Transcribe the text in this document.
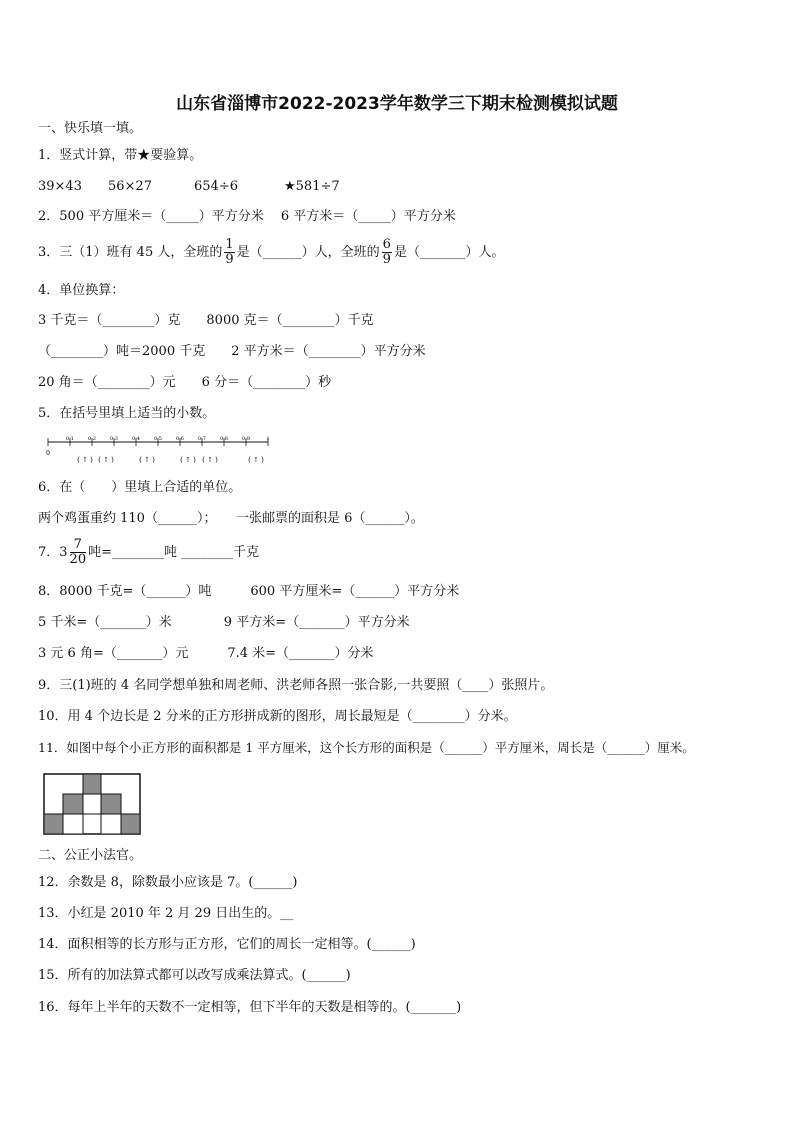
山东省淄博市2022-2023学年数学三下期末检测模拟试题
一、快乐填一填。
1．竖式计算，带★要验算。
39×43 56×27	654÷6	★581÷7
2．500 平方厘米＝（_____）平方分米　 6 平方米＝（_____）平方分米
3．三（1）班有 45 人，全班的 $\frac{1}{9}$ 是（______）人，全班的 $\frac{6}{9}$ 是（_______）人。
4．单位换算：
3 千克＝（________）克　　8000 克＝（________）千克
（________）吨＝2000 千克　　2 平方米＝（________）平方分米
20 角＝（________）元　　6 分＝（________）秒
5．在括号里填上适当的小数。
0
0.1	0.2	0.3	0.4	0.5	0.6	0.7	0.8	0.9	1
( ↑ ) ( ↑ )	( ↑ )	( ↑ ) ( ↑ )	( ↑ )
6．在（　　）里填上合适的单位。
两个鸡蛋重约 110（______）；　　一张邮票的面积是 6（______）。
7．$3 \frac{7}{20}$ 吨=________吨 ________千克
8．8000 千克=（______）吨　　　600 平方厘米=（______）平方分米
5 千米=（_______）米　　　　9 平方米=（_______）平方分米
3 元 6 角=（_______）元　　　7.4 米=（_______）分米
9．三(1)班的 4 名同学想单独和周老师、洪老师各照一张合影,一共要照（____）张照片。
10．用 4 个边长是 2 分米的正方形拼成新的图形，周长最短是（________）分米。
11．如图中每个小正方形的面积都是 1 平方厘米，这个长方形的面积是（______）平方厘米，周长是（______）厘米。
二、公正小法官。
12．余数是 8，除数最小应该是 7。(______)
13．小红是 2010 年 2 月 29 日出生的。__
14．面积相等的长方形与正方形，它们的周长一定相等。(______)
15．所有的加法算式都可以改写成乘法算式。(______)
16．每年上半年的天数不一定相等，但下半年的天数是相等的。(_______)
